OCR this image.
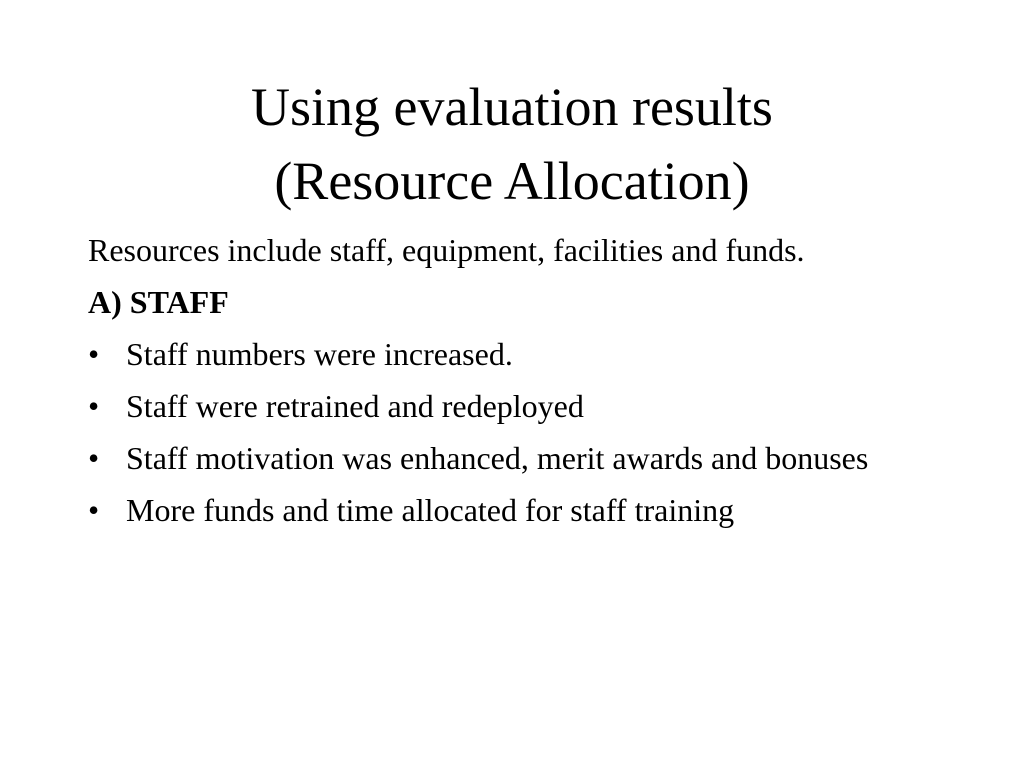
Using evaluation results
(Resource Allocation)

Resources include staff, equipment, facilities and funds.

A) STAFF

• Staff numbers were increased.
• Staff were retrained and redeployed
• Staff motivation was enhanced, merit awards and bonuses
• More funds and time allocated for staff training
